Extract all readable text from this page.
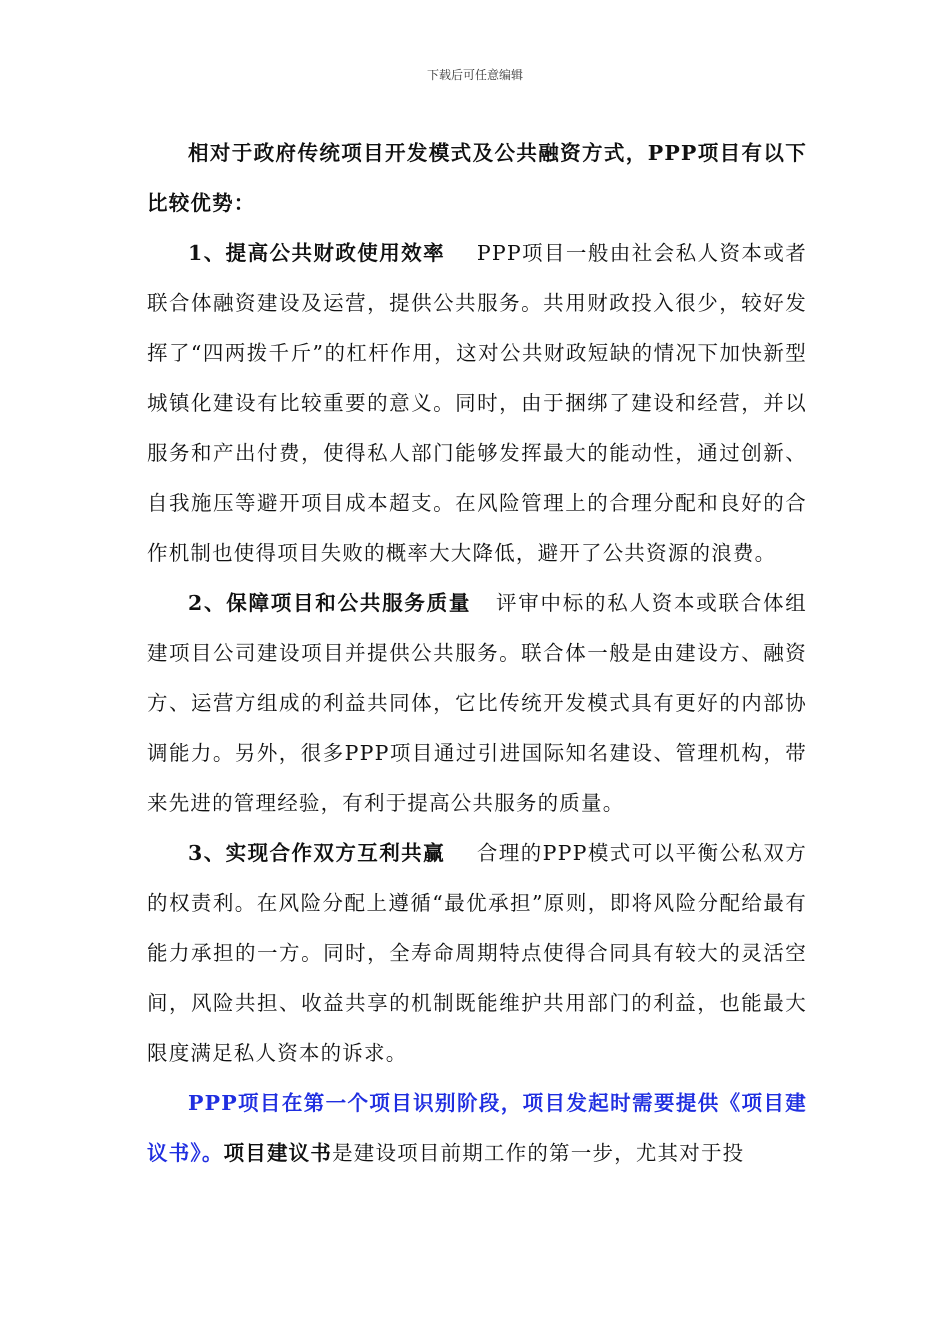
下载后可任意编辑

相对于政府传统项目开发模式及公共融资方式，PPP项目有以下比较优势：

1、提高公共财政使用效率 PPP项目一般由社会私人资本或者联合体融资建设及运营，提供公共服务。共用财政投入很少，较好发挥了“四两拨千斤”的杠杆作用，这对公共财政短缺的情况下加快新型城镇化建设有比较重要的意义。同时，由于捆绑了建设和经营，并以服务和产出付费，使得私人部门能够发挥最大的能动性，通过创新、自我施压等避开项目成本超支。在风险管理上的合理分配和良好的合作机制也使得项目失败的概率大大降低，避开了公共资源的浪费。

2、保障项目和公共服务质量 评审中标的私人资本或联合体组建项目公司建设项目并提供公共服务。联合体一般是由建设方、融资方、运营方组成的利益共同体，它比传统开发模式具有更好的内部协调能力。另外，很多PPP项目通过引进国际知名建设、管理机构，带来先进的管理经验，有利于提高公共服务的质量。

3、实现合作双方互利共赢 合理的PPP模式可以平衡公私双方的权责利。在风险分配上遵循“最优承担”原则，即将风险分配给最有能力承担的一方。同时，全寿命周期特点使得合同具有较大的灵活空间，风险共担、收益共享的机制既能维护共用部门的利益，也能最大限度满足私人资本的诉求。

PPP项目在第一个项目识别阶段，项目发起时需要提供《项目建议书》。项目建议书是建设项目前期工作的第一步，尤其对于投
